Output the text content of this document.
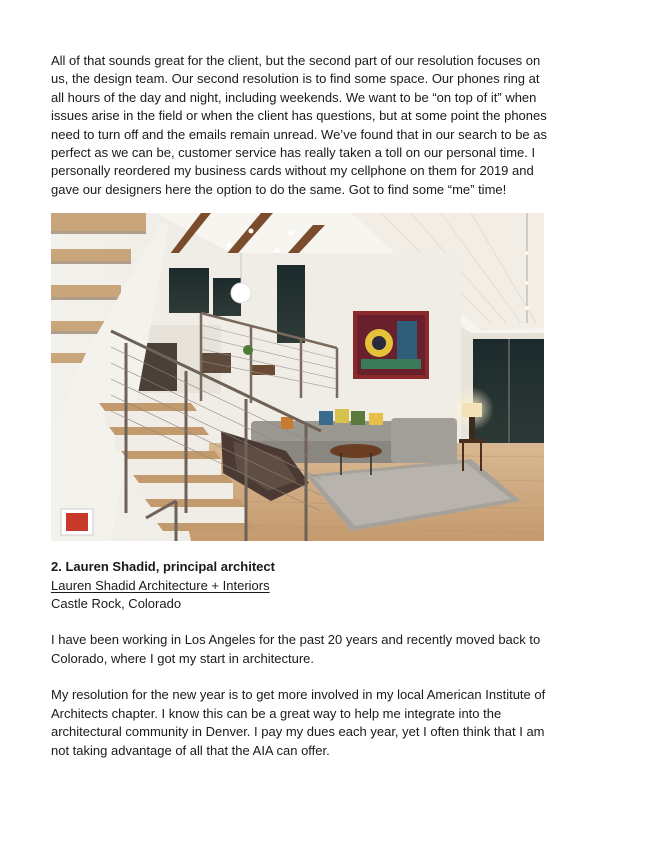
All of that sounds great for the client, but the second part of our resolution focuses on us, the design team. Our second resolution is to find some space. Our phones ring at all hours of the day and night, including weekends. We want to be “on top of it” when issues arise in the field or when the client has questions, but at some point the phones need to turn off and the emails remain unread. We’ve found that in our search to be as perfect as we can be, customer service has really taken a toll on our personal time. I personally reordered my business cards without my cellphone on them for 2019 and gave our designers here the option to do the same. Got to find some “me” time!

2. Lauren Shadid, principal architect

Lauren Shadid Architecture + Interiors

Castle Rock, Colorado

I have been working in Los Angeles for the past 20 years and recently moved back to Colorado, where I got my start in architecture.

My resolution for the new year is to get more involved in my local American Institute of Architects chapter. I know this can be a great way to help me integrate into the architectural community in Denver. I pay my dues each year, yet I often think that I am not taking advantage of all that the AIA can offer.
